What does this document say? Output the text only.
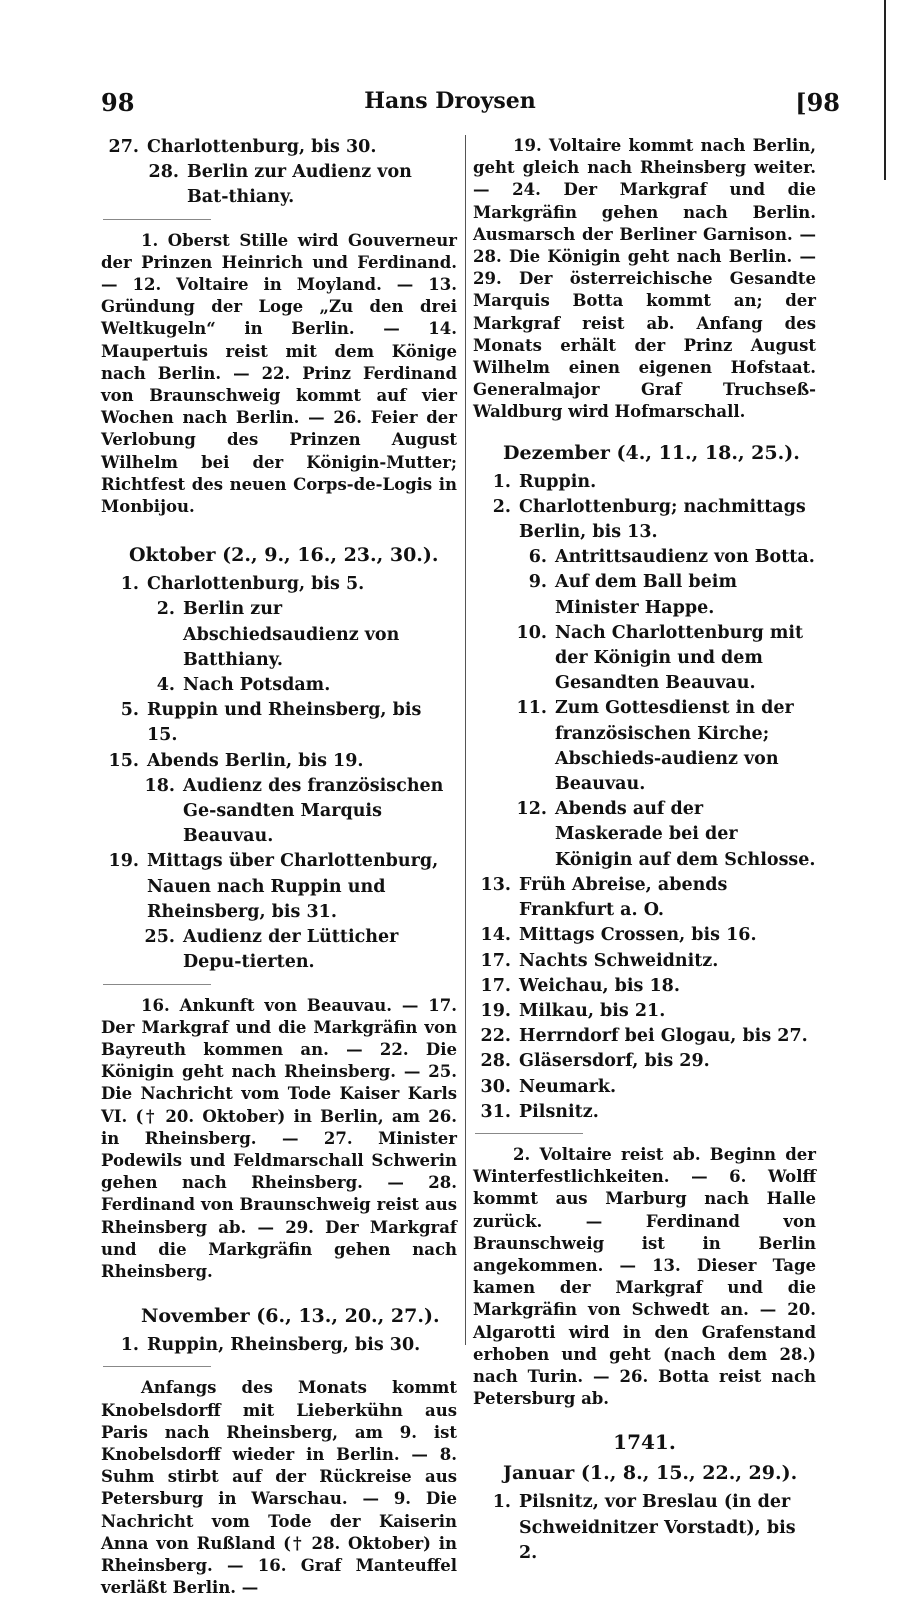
98	Hans Droysen	[98
27. Charlottenburg, bis 30.
28. Berlin zur Audienz von Bat-thiany.

1. Oberst Stille wird Gouverneur der Prinzen Heinrich und Ferdinand. — 12. Voltaire in Moyland. — 13. Gründung der Loge „Zu den drei Weltkugeln“ in Berlin. — 14. Maupertuis reist mit dem Könige nach Berlin. — 22. Prinz Ferdinand von Braunschweig kommt auf vier Wochen nach Berlin. — 26. Feier der Verlobung des Prinzen August Wilhelm bei der Königin-Mutter; Richtfest des neuen Corps-de-Logis in Monbijou.

Oktober (2., 9., 16., 23., 30.).
1. Charlottenburg, bis 5.
2. Berlin zur Abschiedsaudienz von Batthiany.
4. Nach Potsdam.
5. Ruppin und Rheinsberg, bis 15.
15. Abends Berlin, bis 19.
18. Audienz des französischen Ge-sandten Marquis Beauvau.
19. Mittags über Charlottenburg, Nauen nach Ruppin und Rheinsberg, bis 31.
25. Audienz der Lütticher Depu-tierten.

16. Ankunft von Beauvau. — 17. Der Markgraf und die Markgräfin von Bayreuth kommen an. — 22. Die Königin geht nach Rheinsberg. — 25. Die Nachricht vom Tode Kaiser Karls VI. († 20. Oktober) in Berlin, am 26. in Rheinsberg. — 27. Minister Podewils und Feldmarschall Schwerin gehen nach Rheinsberg. — 28. Ferdinand von Braunschweig reist aus Rheinsberg ab. — 29. Der Markgraf und die Markgräfin gehen nach Rheinsberg.

November (6., 13., 20., 27.).
1. Ruppin, Rheinsberg, bis 30.

Anfangs des Monats kommt Knobelsdorff mit Lieberkühn aus Paris nach Rheinsberg, am 9. ist Knobelsdorff wieder in Berlin. — 8. Suhm stirbt auf der Rückreise aus Petersburg in Warschau. — 9. Die Nachricht vom Tode der Kaiserin Anna von Rußland († 28. Oktober) in Rheinsberg. — 16. Graf Manteuffel verläßt Berlin. —

19. Voltaire kommt nach Berlin, geht gleich nach Rheinsberg weiter. — 24. Der Markgraf und die Markgräfin gehen nach Berlin. Ausmarsch der Berliner Garnison. — 28. Die Königin geht nach Berlin. — 29. Der österreichische Gesandte Marquis Botta kommt an; der Markgraf reist ab. Anfang des Monats erhält der Prinz August Wilhelm einen eigenen Hofstaat. Generalmajor Graf Truchseß-Waldburg wird Hofmarschall.

Dezember (4., 11., 18., 25.).
1. Ruppin.
2. Charlottenburg; nachmittags Berlin, bis 13.
6. Antrittsaudienz von Botta.
9. Auf dem Ball beim Minister Happe.
10. Nach Charlottenburg mit der Königin und dem Gesandten Beauvau.
11. Zum Gottesdienst in der französischen Kirche; Abschieds-audienz von Beauvau.
12. Abends auf der Maskerade bei der Königin auf dem Schlosse.
13. Früh Abreise, abends Frankfurt a. O.
14. Mittags Crossen, bis 16.
17. Nachts Schweidnitz.
17. Weichau, bis 18.
19. Milkau, bis 21.
22. Herrndorf bei Glogau, bis 27.
28. Gläsersdorf, bis 29.
30. Neumark.
31. Pilsnitz.

2. Voltaire reist ab. Beginn der Winterfestlichkeiten. — 6. Wolff kommt aus Marburg nach Halle zurück. — Ferdinand von Braunschweig ist in Berlin angekommen. — 13. Dieser Tage kamen der Markgraf und die Markgräfin von Schwedt an. — 20. Algarotti wird in den Grafenstand erhoben und geht (nach dem 28.) nach Turin. — 26. Botta reist nach Petersburg ab.

1741.
Januar (1., 8., 15., 22., 29.).
1. Pilsnitz, vor Breslau (in der Schweidnitzer Vorstadt), bis 2.
